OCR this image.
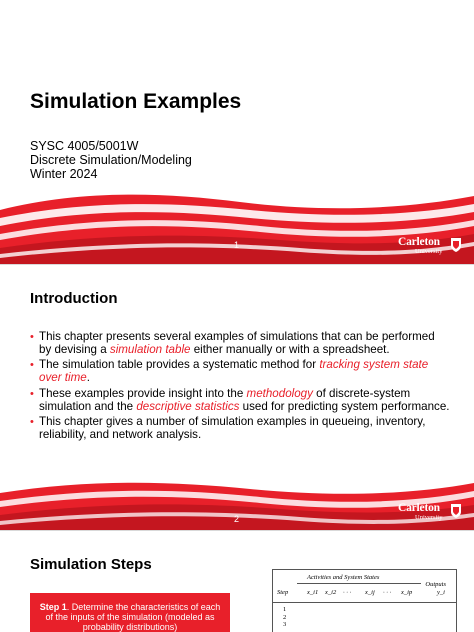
Simulation Examples
SYSC 4005/5001W
Discrete Simulation/Modeling
Winter 2024
1	Carleton
University
Introduction
• This chapter presents several examples of simulations that can be performed by devising a simulation table either manually or with a spreadsheet.
• The simulation table provides a systematic method for tracking system state over time.
• These examples provide insight into the methodology of discrete-system simulation and the descriptive statistics used for predicting system performance.
• This chapter gives a number of simulation examples in queueing, inventory, reliability, and network analysis.
2
Carleton
University
Simulation Steps
Step 1. Determine the characteristics of each of the inputs of the simulation (modeled as probability distributions)
Activities and System States
Outputs
Step	x_i1 x_i2 · · · x_ij · · · x_ip	y_i
1
2
3
